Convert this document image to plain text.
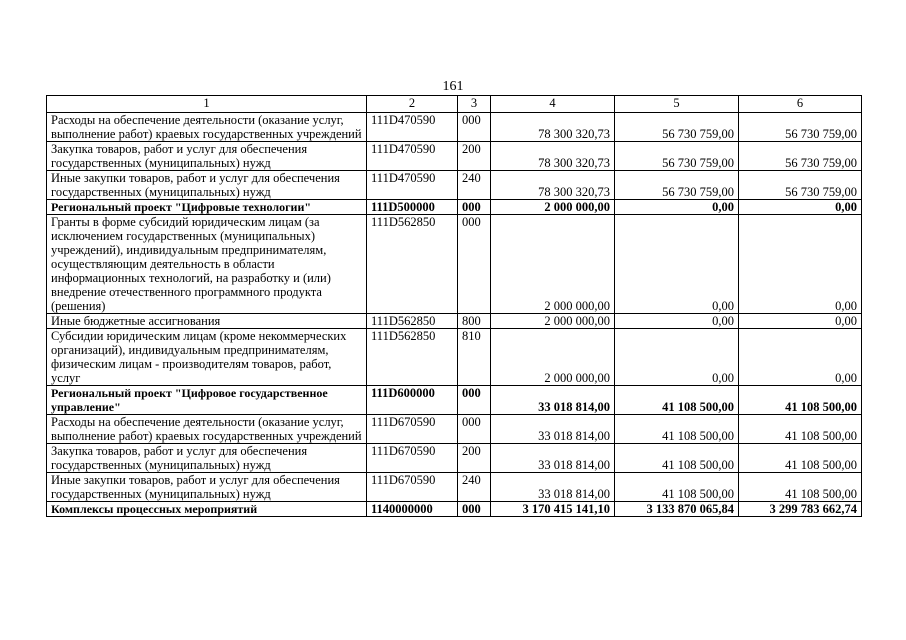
161
1	2	3	4	5	6
Расходы на обеспечение деятельности (оказание услуг, выполнение работ) краевых государственных учреждений	111D470590	000	78 300 320,73	56 730 759,00	56 730 759,00
Закупка товаров, работ и услуг для обеспечения государственных (муниципальных) нужд	111D470590	200	78 300 320,73	56 730 759,00	56 730 759,00
Иные закупки товаров, работ и услуг для обеспечения государственных (муниципальных) нужд	111D470590	240	78 300 320,73	56 730 759,00	56 730 759,00
Региональный проект "Цифровые технологии"	111D500000	000	2 000 000,00	0,00	0,00
Гранты в форме субсидий юридическим лицам (за исключением государственных (муниципальных) учреждений), индивидуальным предпринимателям, осуществляющим деятельность в области информационных технологий, на разработку и (или) внедрение отечественного программного продукта (решения)	111D562850	000	2 000 000,00	0,00	0,00
Иные бюджетные ассигнования	111D562850	800	2 000 000,00	0,00	0,00
Субсидии юридическим лицам (кроме некоммерческих организаций), индивидуальным предпринимателям, физическим лицам - производителям товаров, работ, услуг	111D562850	810	2 000 000,00	0,00	0,00
Региональный проект "Цифровое государственное управление"	111D600000	000	33 018 814,00	41 108 500,00	41 108 500,00
Расходы на обеспечение деятельности (оказание услуг, выполнение работ) краевых государственных учреждений	111D670590	000	33 018 814,00	41 108 500,00	41 108 500,00
Закупка товаров, работ и услуг для обеспечения государственных (муниципальных) нужд	111D670590	200	33 018 814,00	41 108 500,00	41 108 500,00
Иные закупки товаров, работ и услуг для обеспечения государственных (муниципальных) нужд	111D670590	240	33 018 814,00	41 108 500,00	41 108 500,00
Комплексы процессных мероприятий	1140000000	000	3 170 415 141,10	3 133 870 065,84	3 299 783 662,74
